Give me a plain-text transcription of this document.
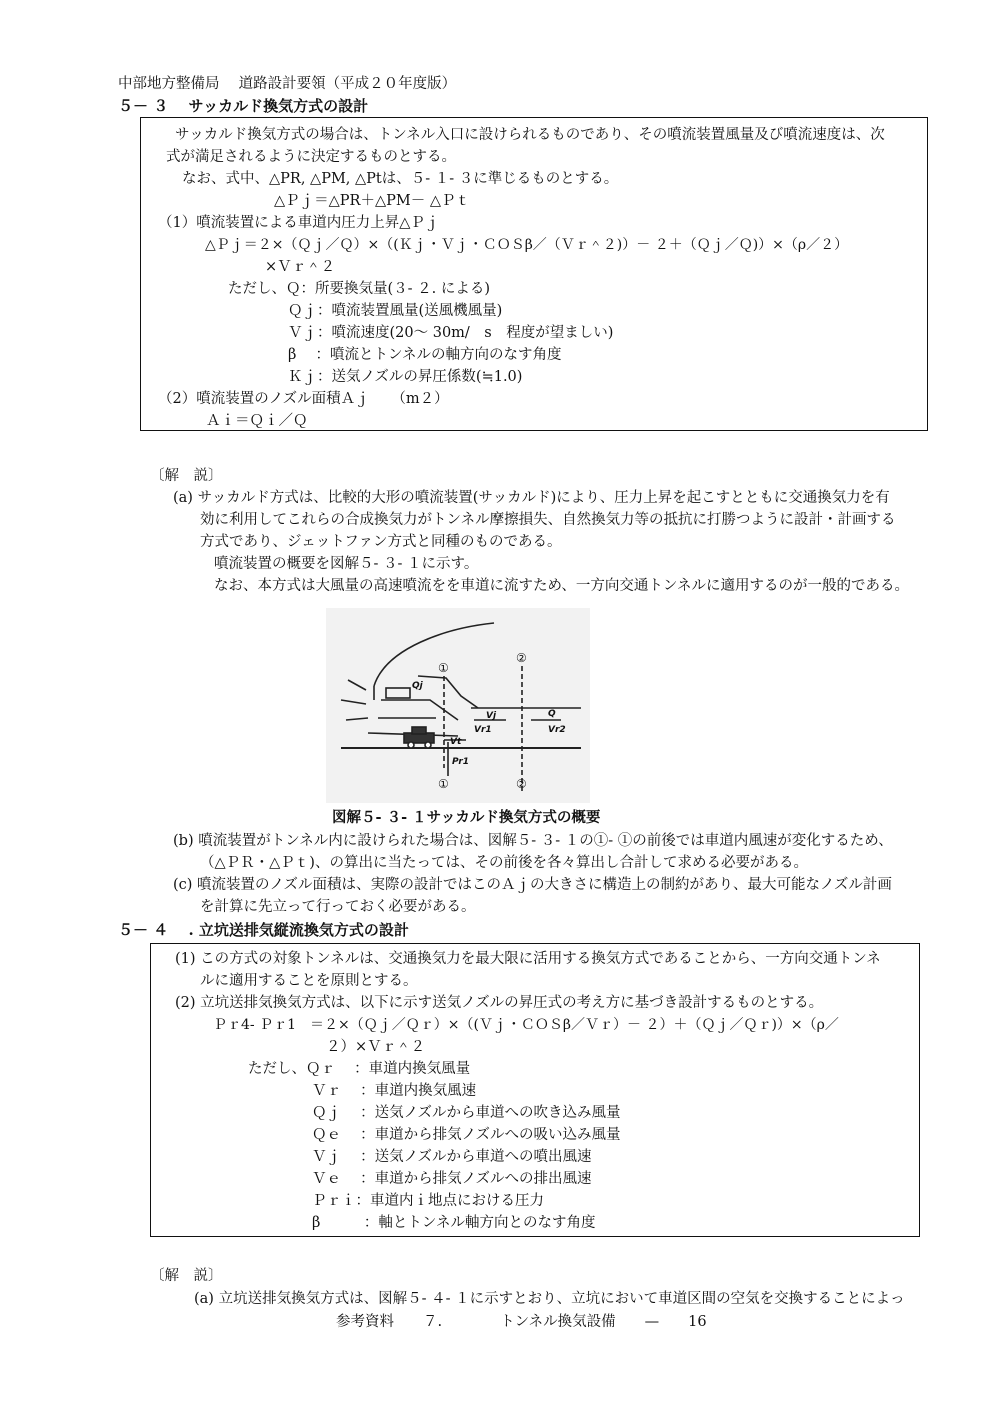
中部地方整備局　 道路設計要領（平成２０年度版）
５－ ３　 サッカルド換気方式の設計
サッカルド換気方式の場合は、トンネル入口に設けられるものであり、その噴流装置風量及び噴流速度は、次
式が満足されるように決定するものとする。
なお、式中、△PR, △PM, △Ptは、５- １- ３に準じるものとする。
△Ｐｊ＝△PR＋△PM－ △Ｐｔ
（1）噴流装置による車道内圧力上昇△Ｐｊ
△Ｐｊ＝２×（Ｑｊ／Ｑ）×（(Ｋｊ・Ｖｊ・ＣＯＳβ／（Ｖｒ＾２)）－ ２＋（Ｑｊ／Ｑ)）×（ρ／２）
×Ｖｒ＾２
ただし、Ｑ：所要換気量(３- ２. による)
Ｑｊ：噴流装置風量(送風機風量)
Ｖｊ：噴流速度(20～ 30m/　s　程度が望ましい)
β　 ：噴流とトンネルの軸方向のなす角度
Ｋｊ：送気ノズルの昇圧係数(≒1.0)
（2）噴流装置のノズル面積Ａｊ　　（m２）
Ａｉ＝Ｑｉ／Ｑ
〔解　説〕
(a) サッカルド方式は、比較的大形の噴流装置(サッカルド)により、圧力上昇を起こすとともに交通換気力を有
効に利用してこれらの合成換気力がトンネル摩擦損失、自然換気力等の抵抗に打勝つように設計・計画する
方式であり、ジェットファン方式と同種のものである。
噴流装置の概要を図解５- ３- １に示す。
なお、本方式は大風量の高速噴流をを車道に流すため、一方向交通トンネルに適用するのが一般的である。
①
②
①	②
Qj
Vj	Q
Vr1	Vr2
Vt
Pr1
図解５- ３- １サッカルド換気方式の概要
(b) 噴流装置がトンネル内に設けられた場合は、図解５- ３- １の①- ①の前後では車道内風速が変化するため、
（△ＰＲ・△Ｐｔ)、の算出に当たっては、その前後を各々算出し合計して求める必要がある。
(c) 噴流装置のノズル面積は、実際の設計ではこのＡｊの大きさに構造上の制約があり、最大可能なノズル計画
を計算に先立って行っておく必要がある。
５－ ４　 . 立坑送排気縦流換気方式の設計
(1) この方式の対象トンネルは、交通換気力を最大限に活用する換気方式であることから、一方向交通トンネ
ルに適用することを原則とする。
(2) 立坑送排気換気方式は、以下に示す送気ノズルの昇圧式の考え方に基づき設計するものとする。
Ｐｒ4- Ｐｒ1　＝２×（Ｑｊ／Ｑｒ）×（(Ｖｊ・ＣＯＳβ／Ｖｒ）－ ２）＋（Ｑｊ／Ｑｒ)）×（ρ／
２）×Ｖｒ＾２
ただし、Ｑｒ　 ：車道内換気風量
Ｖｒ　 ：車道内換気風速
Ｑｊ　 ：送気ノズルから車道への吹き込み風量
Ｑｅ　 ：車道から排気ノズルへの吸い込み風量
Ｖｊ　 ：送気ノズルから車道への噴出風速
Ｖｅ　 ：車道から排気ノズルへの排出風速
Ｐｒｉ：車道内ｉ地点における圧力
β　　　：軸とトンネル軸方向とのなす角度
〔解　説〕
(a) 立坑送排気換気方式は、図解５- ４- １に示すとおり、立坑において車道区間の空気を交換することによっ
参考資料　　７.　　　　トンネル換気設備　　—　　16
